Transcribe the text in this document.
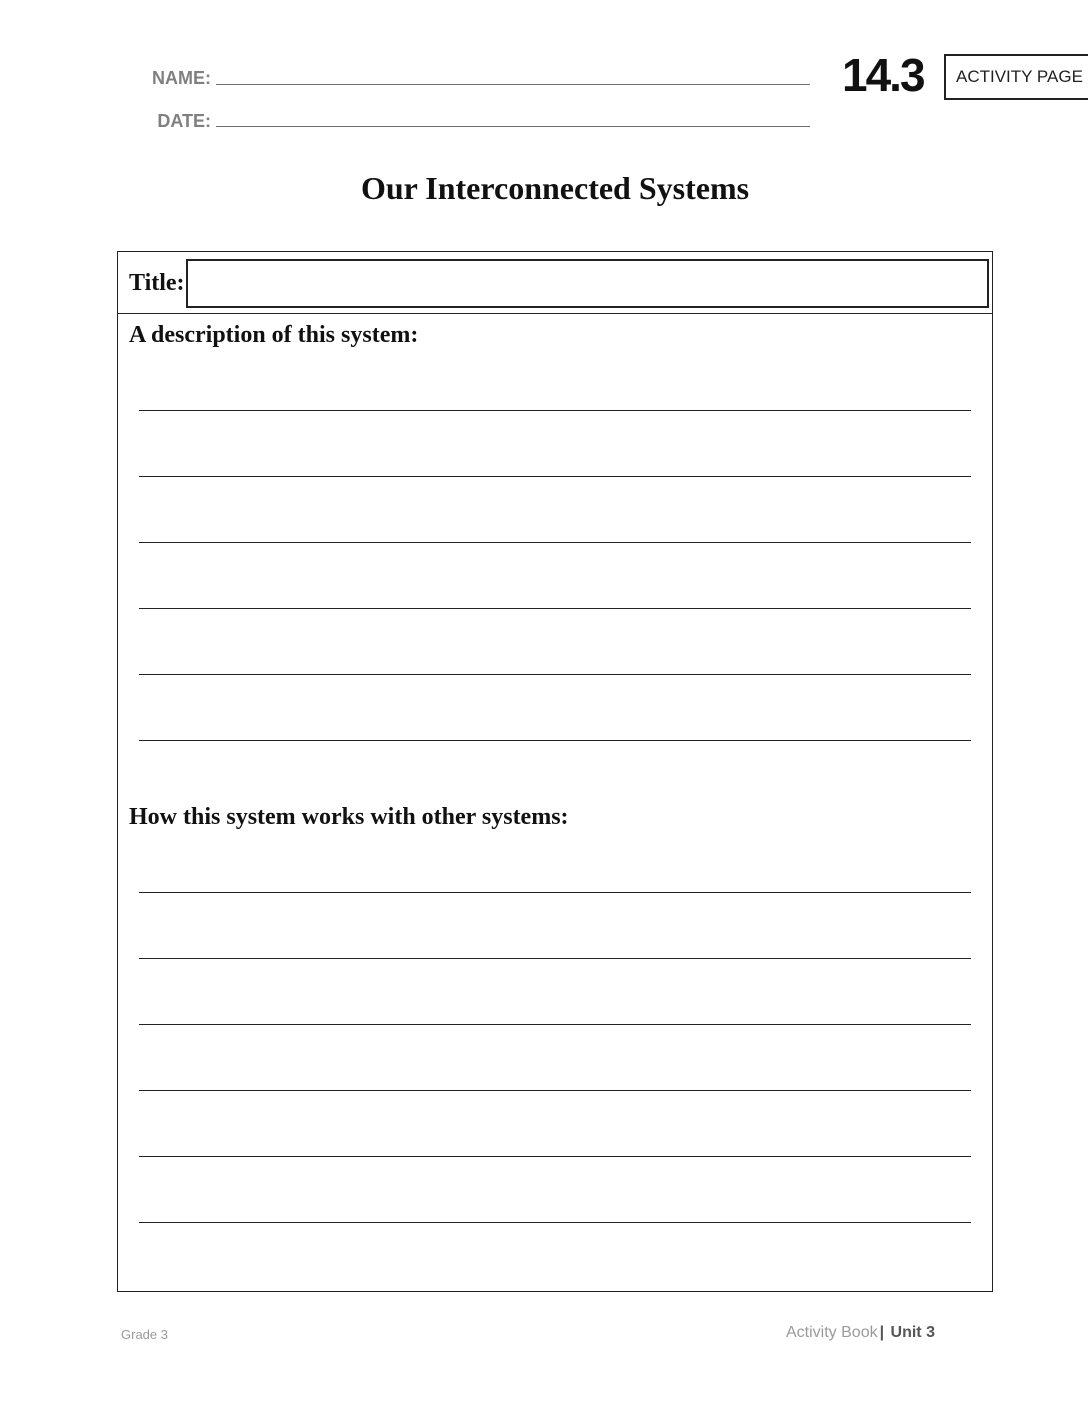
NAME:
DATE:
14.3 ACTIVITY PAGE
Our Interconnected Systems
Title:
A description of this system:
How this system works with other systems:
Grade 3	Activity Book | Unit 3
